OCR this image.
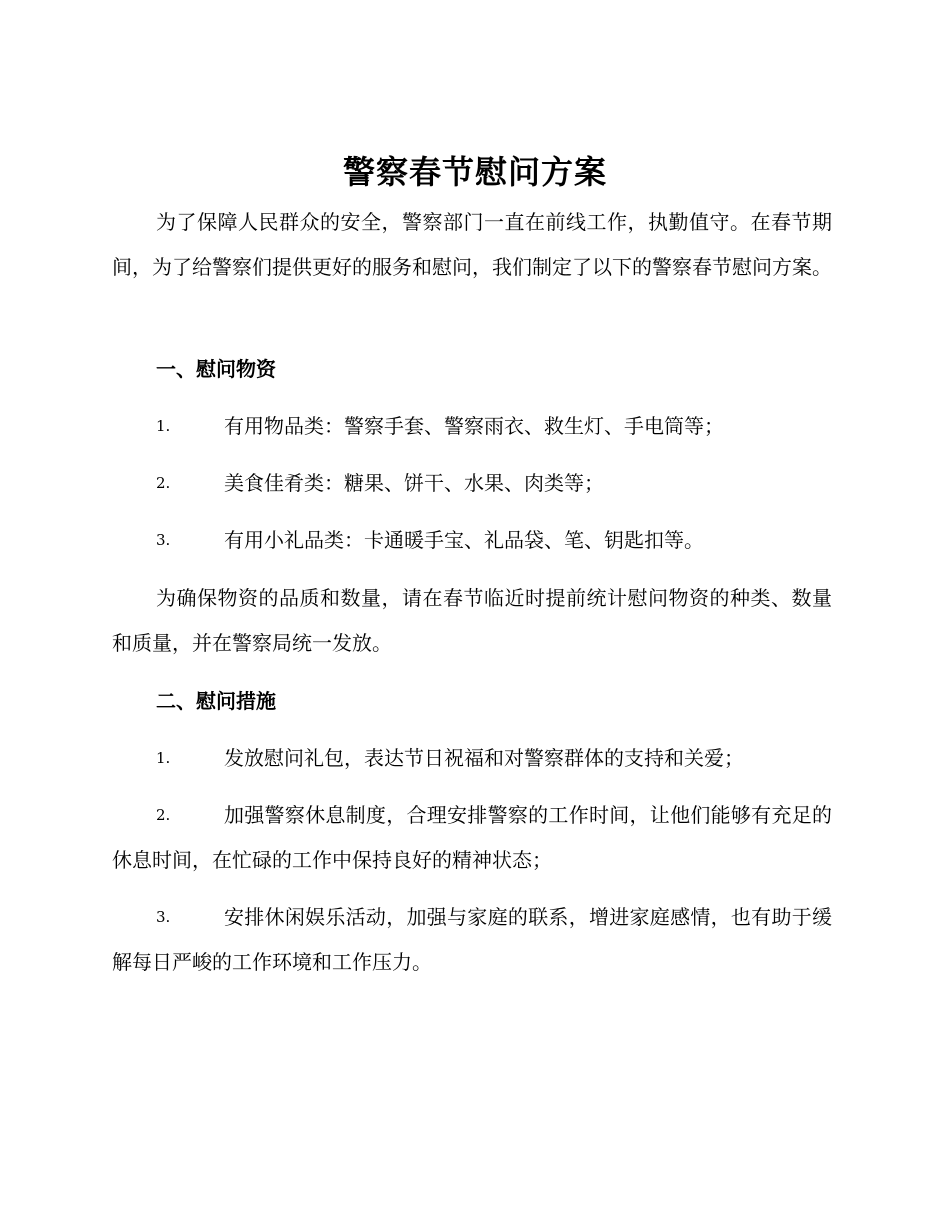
警察春节慰问方案
为了保障人民群众的安全，警察部门一直在前线工作，执勤值守。在春节期间，为了给警察们提供更好的服务和慰问，我们制定了以下的警察春节慰问方案。
一、慰问物资
1.	有用物品类：警察手套、警察雨衣、救生灯、手电筒等；
2.	美食佳肴类：糖果、饼干、水果、肉类等；
3.	有用小礼品类：卡通暖手宝、礼品袋、笔、钥匙扣等。
为确保物资的品质和数量，请在春节临近时提前统计慰问物资的种类、数量和质量，并在警察局统一发放。
二、慰问措施
1.	发放慰问礼包，表达节日祝福和对警察群体的支持和关爱；
2.	加强警察休息制度，合理安排警察的工作时间，让他们能够有充足的休息时间，在忙碌的工作中保持良好的精神状态；
3.	安排休闲娱乐活动，加强与家庭的联系，增进家庭感情，也有助于缓解每日严峻的工作环境和工作压力。
